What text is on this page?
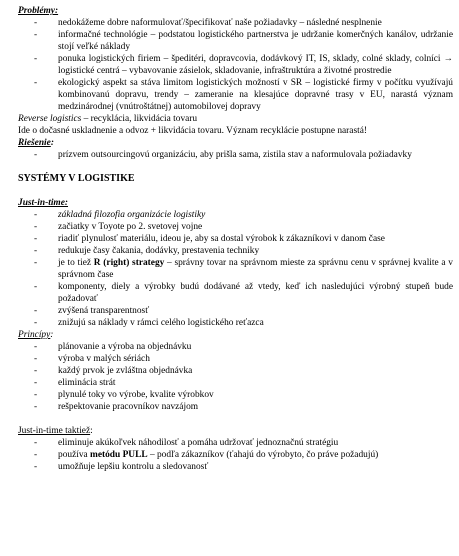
Problémy:

- nedokážeme dobre naformulovať/špecifikovať naše požiadavky – následné nesplnenie
- informačné technológie – podstatou logistického partnerstva je udržanie komerčných kanálov, udržanie stojí veľké náklady
- ponuka logistických firiem – špeditéri, dopravcovia, dodávkový IT, IS, sklady, colné sklady, colníci → logistické centrá – vybavovanie zásielok, skladovanie, infraštruktúra a životné prostredie
- ekologický aspekt sa stáva limitom logistických možností v SR – logistické firmy v počítku využívajú kombinovanú dopravu, trendy – zameranie na klesajúce dopravné trasy v EU, narastá význam medzinárodnej (vnútroštátnej) automobilovej dopravy

Reverse logistics – recyklácia, likvidácia tovaru

Ide o dočasné uskladnenie a odvoz + likvidácia tovaru. Význam recyklácie postupne narastá!

Riešenie:

- prízvem outsourcingovú organizáciu, aby prišla sama, zistila stav a naformulovala požiadavky

SYSTÉMY V LOGISTIKE

Just-in-time:

- základná filozofia organizácie logistiky
- začiatky v Toyote po 2. svetovej vojne
- riadiť plynulosť materiálu, ideou je, aby sa dostal výrobok k zákazníkovi v danom čase
- redukuje časy čakania, dodávky, prestavenia techniky
- je to tiež R (right) strategy – správny tovar na správnom mieste za správnu cenu v správnej kvalite a v správnom čase
- komponenty, diely a výrobky budú dodávané až vtedy, keď ich nasledujúci výrobný stupeň bude požadovať
- zvýšená transparentnosť
- znižujú sa náklady v rámci celého logistického reťazca

Princípy:

- plánovanie a výroba na objednávku
- výroba v malých sériách
- každý prvok je zvláštna objednávka
- eliminácia strát
- plynulé toky vo výrobe, kvalite výrobkov
- rešpektovanie pracovníkov navzájom

Just-in-time taktiež:

- eliminuje akúkoľvek náhodilosť a pomáha udržovať jednoznačnú stratégiu
- používa metódu PULL – podľa zákazníkov (ťahajú do výrobyto, čo práve požadujú)
- umožňuje lepšiu kontrolu a sledovanosť
